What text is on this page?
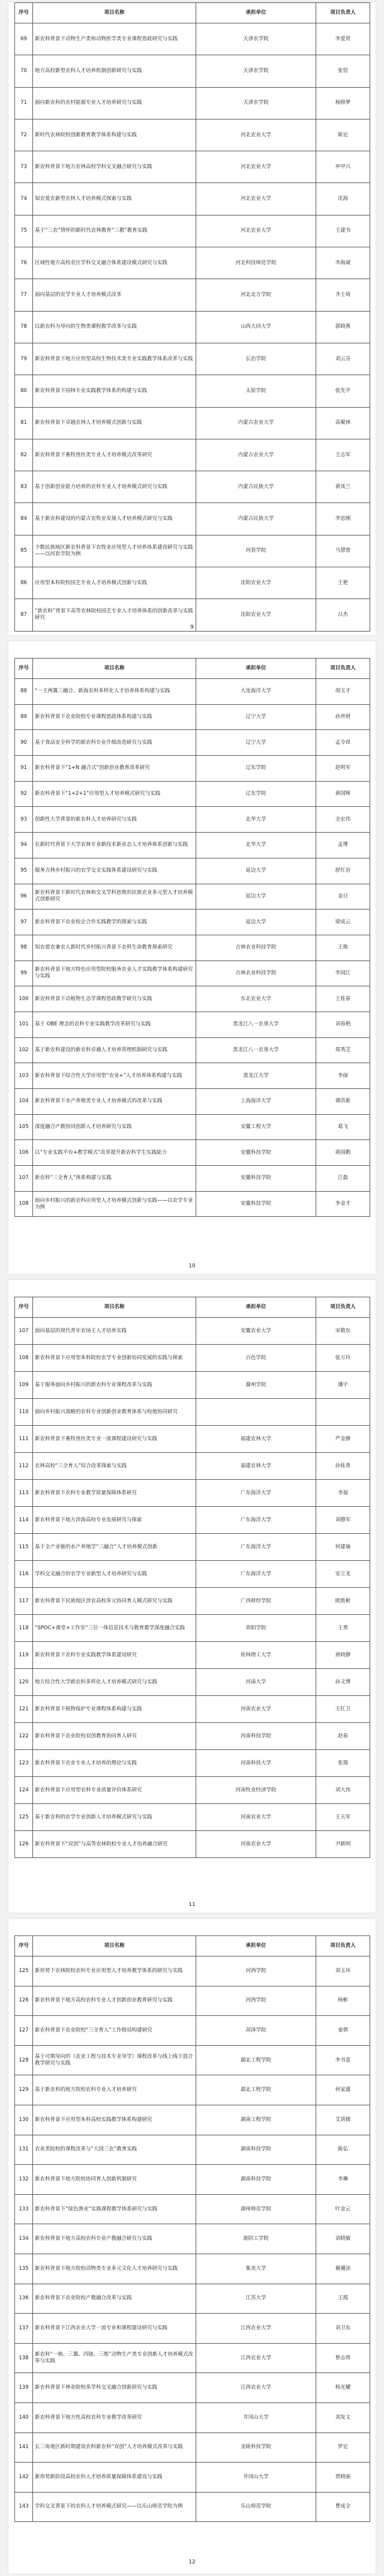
序号	项目名称	承担单位	项目负责人
69	新农科背景下动物生产类和动物医学类专业课程思政研究与实践	天津农学院	李爱贤
70	地方高校新型农科人才培养机制创新研究与实践	天津农学院	张恬
71	面向新农科的农村能源专业人才培养研究与实践	天津农学院	杨修梦
72	新时代农林院校创新教育教学体系构建与实践	河北农业大学	陈宏
73	新农科背景下地方农林高校学科交叉融合研究与实践	河北农业大学	申甲兴
74	知农爱农新型农林人才培养模式探索与实践	河北农业大学	沈海
75	基于“三农”情怀的新时代农林教育“三教”教育实践	河北农业大学	王建书
76	区域性地方高校农区学科交叉融合体系建设模式研究与实践	河北科技师范学院	李海斌
77	面向基层的农学专业人才培养模式改革	河北北方学院	齐士琦
78	以新农科为导向的生物类课程教学改革与实践	山西大同大学	郭晓燕
79	新农科背景下地方应用型高校生物技术类专业实践教学体系改革与实践	长治学院	刘云芬
80	新农科背景下园林专业实践教学体系的构建与实践	太原学院	张先平
81	新农科背景下卓越农林人才培养模式创新与实践	内蒙古农业大学	高聚林
82	新农科背景下畜牧兽医类专业人才培养模式改革研究	内蒙古农业大学	王志军
83	基于创新创业能力培养的农科专业人才培养模式研究与实践	内蒙古民族大学	黄凤兰
84	基于新农科建设的内蒙古农牧业发展人才培养模式研究与实践	内蒙古民族大学	李忠刚
85	少数民族地区新农科背景下农牧业应用型人才培养体系建设研究与实践——以河套学院为例	河套学院	马慧慈
86	应用型本科院校园艺专业人才培养模式创新与实践	沈阳农业大学	王艳
87	“新农科”背景下高等农林院校园艺专业人才培养体系的创新改革与实践研究	沈阳农业大学	吕杰
9
序号	项目名称	承担单位	项目负责人
88	“一主两翼三融合、新海农科多样化人才培养体系构建与实践	大连海洋大学	胡玉才
89	新农科背景下农业院校专业课程思政体系构建与实践	辽宁大学	孙世财
90	基于食品安全科学的新农科专业升级改造研究与实践	辽宁大学	孟令昂
91	新农科背景下“1+N 融合式”创新创业教育改革研究	辽东学院	赵明军
92	新农科背景下“1+2+1”应用型人才培养模式研究与实践	辽东学院	黄国辉
93	创新性大学背景的新农科人才培养研究与实践	北华大学	全宏伟
94	在新时代背景下大学农林专业新技术新业态人才培养体系创新与实践	北华大学	孟博
95	服务吉林乡村振兴的农学交叉实践体系建设研究与实践	延边大学	舒红岩
96	新农科背景下新时代农林和交叉学科思维的民族农业多元型人才培养模式创新研究	延边大学	金日
97	新农科背景下农业校企合作实践教学的探索与实践	延边大学	梁成云
98	知农爱农兼农人新时代乡村振兴背景下农科生命教育探索研究	吉林农业科技学院	王焕
99	新农科背景下地方特色应用型院校服务农业人才实践教学体系构建研究与实践	吉林农业科技学院	李国江
100	新农科背景下动植物生态学课程思政教学研究与实践	东北农业大学	王桂春
101	基于 OBE 理念的农科专业实践教学改革研究与实践	黑龙江八一农垦大学	刘春艳
102	基于新农科建设的新农科卓越人才培养管理机制研究与实践	黑龙江八一农垦大学	郑秀芝
103	新农科背景下综合性大学应用型“农业+”人才培养体系构建与实践	黑龙江大学	李丽
104	新农科背景下水产养殖类专业人才培养模式的改革与实践	上海海洋大学	谭洪新
105	深度融合产教协同创新人才培养研究与实践	安徽工程大学	葛飞
106	以“专业实践平台+教学模式”改革提升新农科学生实践能力	安徽科技学院	蒋国勤
107	新农科“三全育人”体系构建与实践	安徽科技学院	江磊
108	面向乡村振兴的新农科应用型人才培养模式创新与实践——以农学专业为例	安徽科技学院	李金才
10
序号	项目名称	承担单位	项目负责人
107	面向基层的现代青年农场主人才培养实践	安徽农业大学	宋敬东
108	新农科背景下应用型本科院校农学专业创新协同发展的实践与探索	百色学院	张万玲
109	基于服务面向乡村振兴的新农科专业课程改革与实践	滁州学院	潘宇
110	面向乡村振兴战略的农科专业创新创业教育体系与校地协同研究		
111	新农科背景下畜牧兽医类专业一流课程建设研究与实践	福建农林大学	严金静
112	农林高校“三全育人”综合改革探索与实践	福建农林大学	孙桂香
113	新农科背景下农科专业教学质量保障体系研究	广东海洋大学	李福
114	新农科背景下地方涉海高校专业发展研究与探索	广东海洋大学	刘德军
115	基于全产业链的水产养殖学“三融合”人才培养模式创新	广东海洋大学	何建瑜
116	学科交叉融合的农学专业新型人才培养研究与实践	广东海洋大学	安立龙
117	新农科背景下民族地区涉农高校多元协同育人模式研究与实践	广西财经学院	欧胜彬
118	“SPOC+课堂+工作室”三位一体信息技术与教育教学深度融合实践	贵阳学院	王勇
119	新农科背景下农科专业实践教学体系建设研究	桂林理工大学	唐晓静
120	地方综合性大学新农科多样化人才培养模式研究与实践	河南大学	孙文博
121	新农科背景下植物保护专业课程体系构建与实践	河南农业大学	王红卫
122	新农科背景下农业院校双创教育协同育人研究	河南科技学院	赵春
123	新农科背景下农业专业人才培养的理论与实践	河南科技大学	张瑞
124	新农科背景下应用型农科专业质量评价体系研究	河南牧业经济学院	刘大伟
125	基于新农科的农学专业创新人才培养模式研究与实践	河南农业大学	王天军
126	新农科背景下“双创”与高等农林院校专业人才培养融合研究	河南农业大学	尹新明
11
序号	项目名称	承担单位	项目负责人
125	新形势下农林院校农科专业应用型人才培养教学体系的研究与实践	河西学院	刘玉环
126	新农科背景下地方高校农科专业人才创新创业教育研究与实践	河西学院	杨彬
127	新农科背景下农业院校“三全育人”工作格局构建研究	菏泽学院	姜倩
128	基于可期导向的《农业工程与技术专业导学》课程改革与线上线下混合教学研究与实践	湖北工程学院	李书富
129	基于新农科的地方院校农科专业人才培养研究	湖北工程学院	何家盛
130	新农科背景下应用型本科高校实践教学体系构建研究	湖南工程学院	艾训儒
131	农业类院校的课程改革与“大国三农”教育实践	湖南科技学院	陈弘
132	新农科背景下地方院校协同育人创新机制研究	湖南科技学院	李琳
133	新农科背景下“绿色渔业”实践课程教学体系研究与实践	湖州师范学院	叶金云
134	新农科背景下地方高校农科专业产教融合研究与实践	淮阴工学院	刘晓敏
135	新农科背景下地方院校动物类专业多元文化人才培养研究与实践	集美大学	谢潮添
136	新农科背景下农业院校产教融合改革与实践	江苏大学	王霞
137	新农科背景下江西农业大学一流专业和课程建设研究与实践	江西农业大学	刘卫东
138	新农科“一核、三翼、四链、三维”动物生产类专业创新人才培养模式改革与实践	江西农业大学	曾志将
139	新农科背景下林业院校多学科交叉融合创新研究与实践	江西农业大学	杨光耀
140	新农科背景下地方性高校农科专业教学改革研究	井冈山大学	刘发文
141	长三角地区新时期建设农科新农科“双创”人才培养模式改革与实践	金陵科技学院	罗宏
142	新形势新阶段高校农科人才培养质量保障体系建设与实践	井冈山大学	贾晓丽
143	学科交叉背景下的农科人才培养模式研究——以乐山师范学院为例	乐山师范学院	曹成全
12
